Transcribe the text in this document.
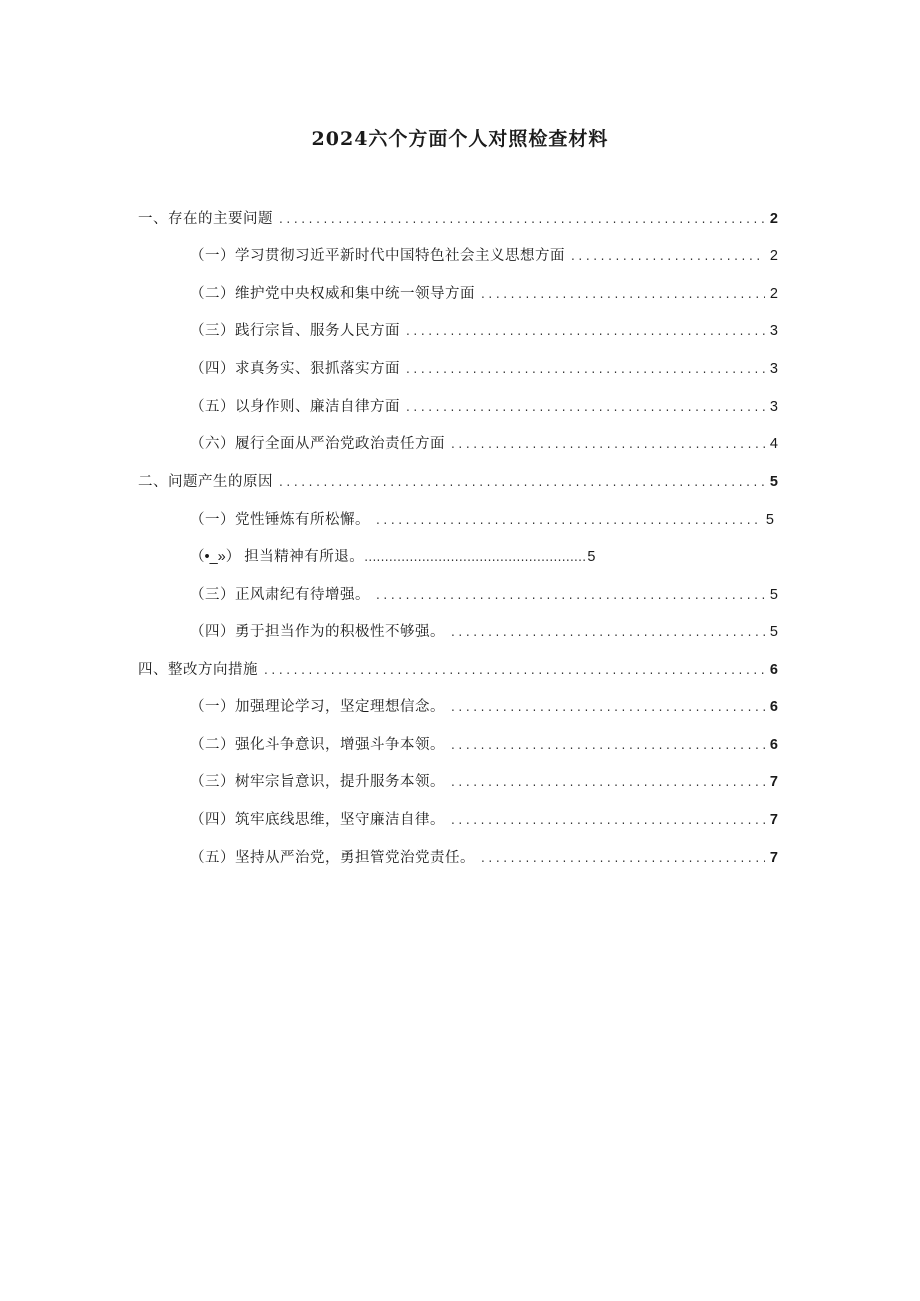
2024六个方面个人对照检查材料
一、存在的主要问题 .....	2
（一）学习贯彻习近平新时代中国特色社会主义思想方面 .....	2
（二）维护党中央权威和集中统一领导方面 .....	2
（三）践行宗旨、服务人民方面 .....	3
（四）求真务实、狠抓落实方面 .....	3
（五）以身作则、廉洁自律方面 .....	3
（六）履行全面从严治党政治责任方面 .....	4
二、问题产生的原因 .....	5
（一）党性锤炼有所松懈。 .....	5
（•_»） 担当精神有所退。 .....	5
（三）正风肃纪有待增强。 .....	5
（四）勇于担当作为的积极性不够强。 .....	5
四、整改方向措施 .....	6
（一）加强理论学习，坚定理想信念。 .....	6
（二）强化斗争意识，增强斗争本领。 .....	6
（三）树牢宗旨意识，提升服务本领。 .....	7
（四）筑牢底线思维，坚守廉洁自律。 .....	7
（五）坚持从严治党，勇担管党治党责任。 .....	7
